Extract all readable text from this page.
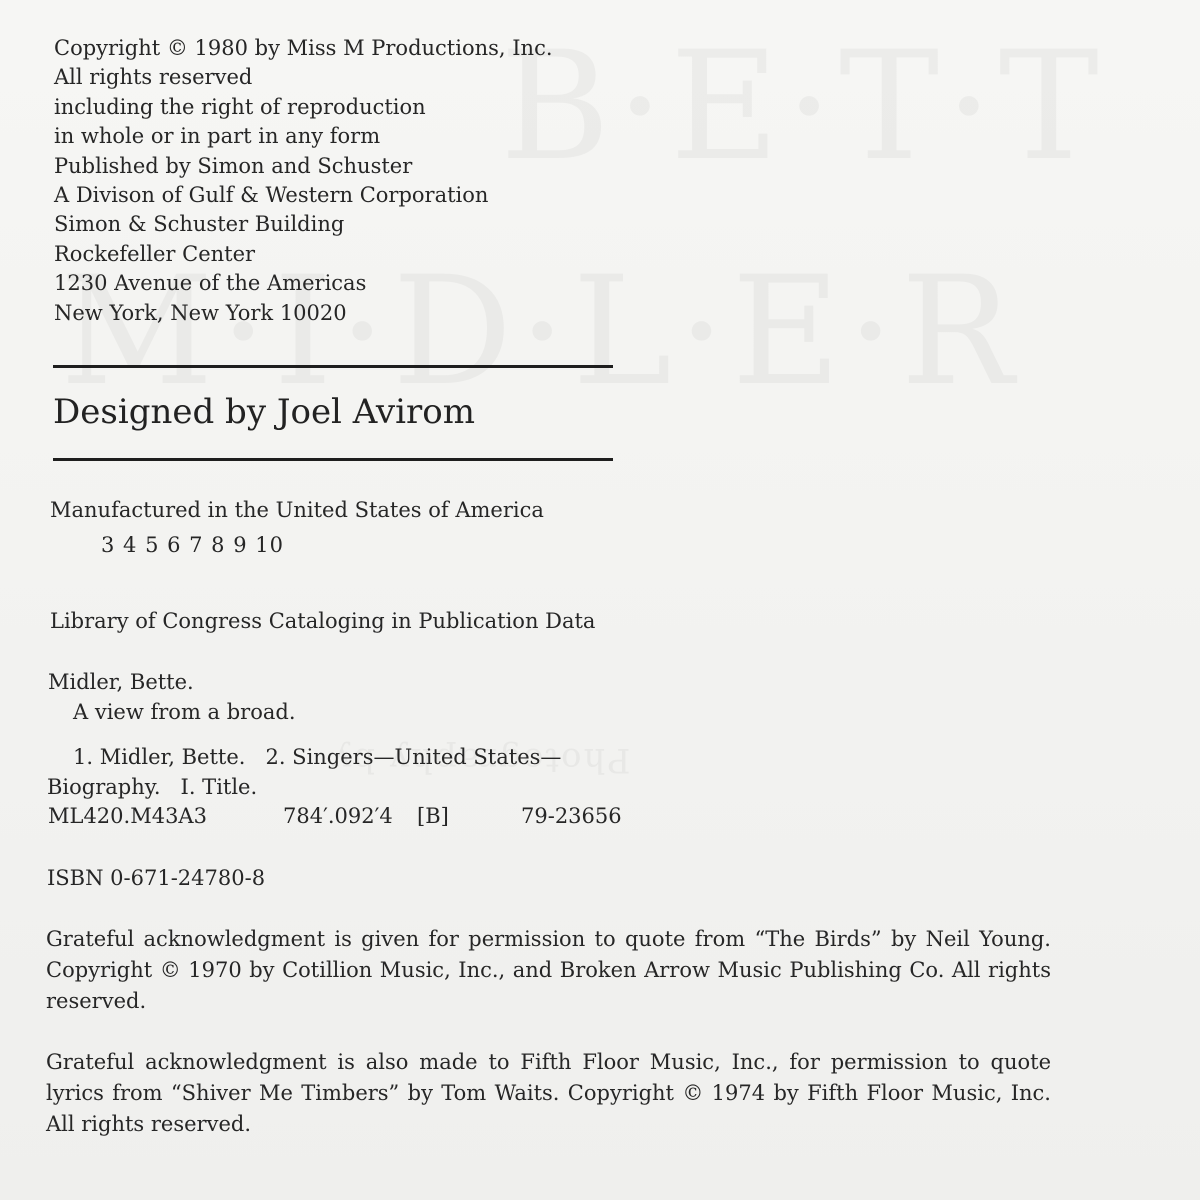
Copyright © 1980 by Miss M Productions, Inc.
All rights reserved
including the right of reproduction
in whole or in part in any form
Published by Simon and Schuster
A Divison of Gulf & Western Corporation
Simon & Schuster Building
Rockefeller Center
1230 Avenue of the Americas
New York, New York 10020
Designed by Joel Avirom
Manufactured in the United States of America
3 4 5 6 7 8 9 10
Library of Congress Cataloging in Publication Data
Midler, Bette.
A view from a broad.
1. Midler, Bette.   2. Singers—United States—
Biography.   I. Title.
ML420.M43A3	784′.092′4 [B]	79-23656
ISBN 0-671-24780-8
Grateful acknowledgment is given for permission to quote from “The Birds” by Neil Young. Copyright © 1970 by Cotillion Music, Inc., and Broken Arrow Music Publishing Co. All rights reserved.
Grateful acknowledgment is also made to Fifth Floor Music, Inc., for permission to quote lyrics from “Shiver Me Timbers” by Tom Waits. Copyright © 1974 by Fifth Floor Music, Inc. All rights reserved.
